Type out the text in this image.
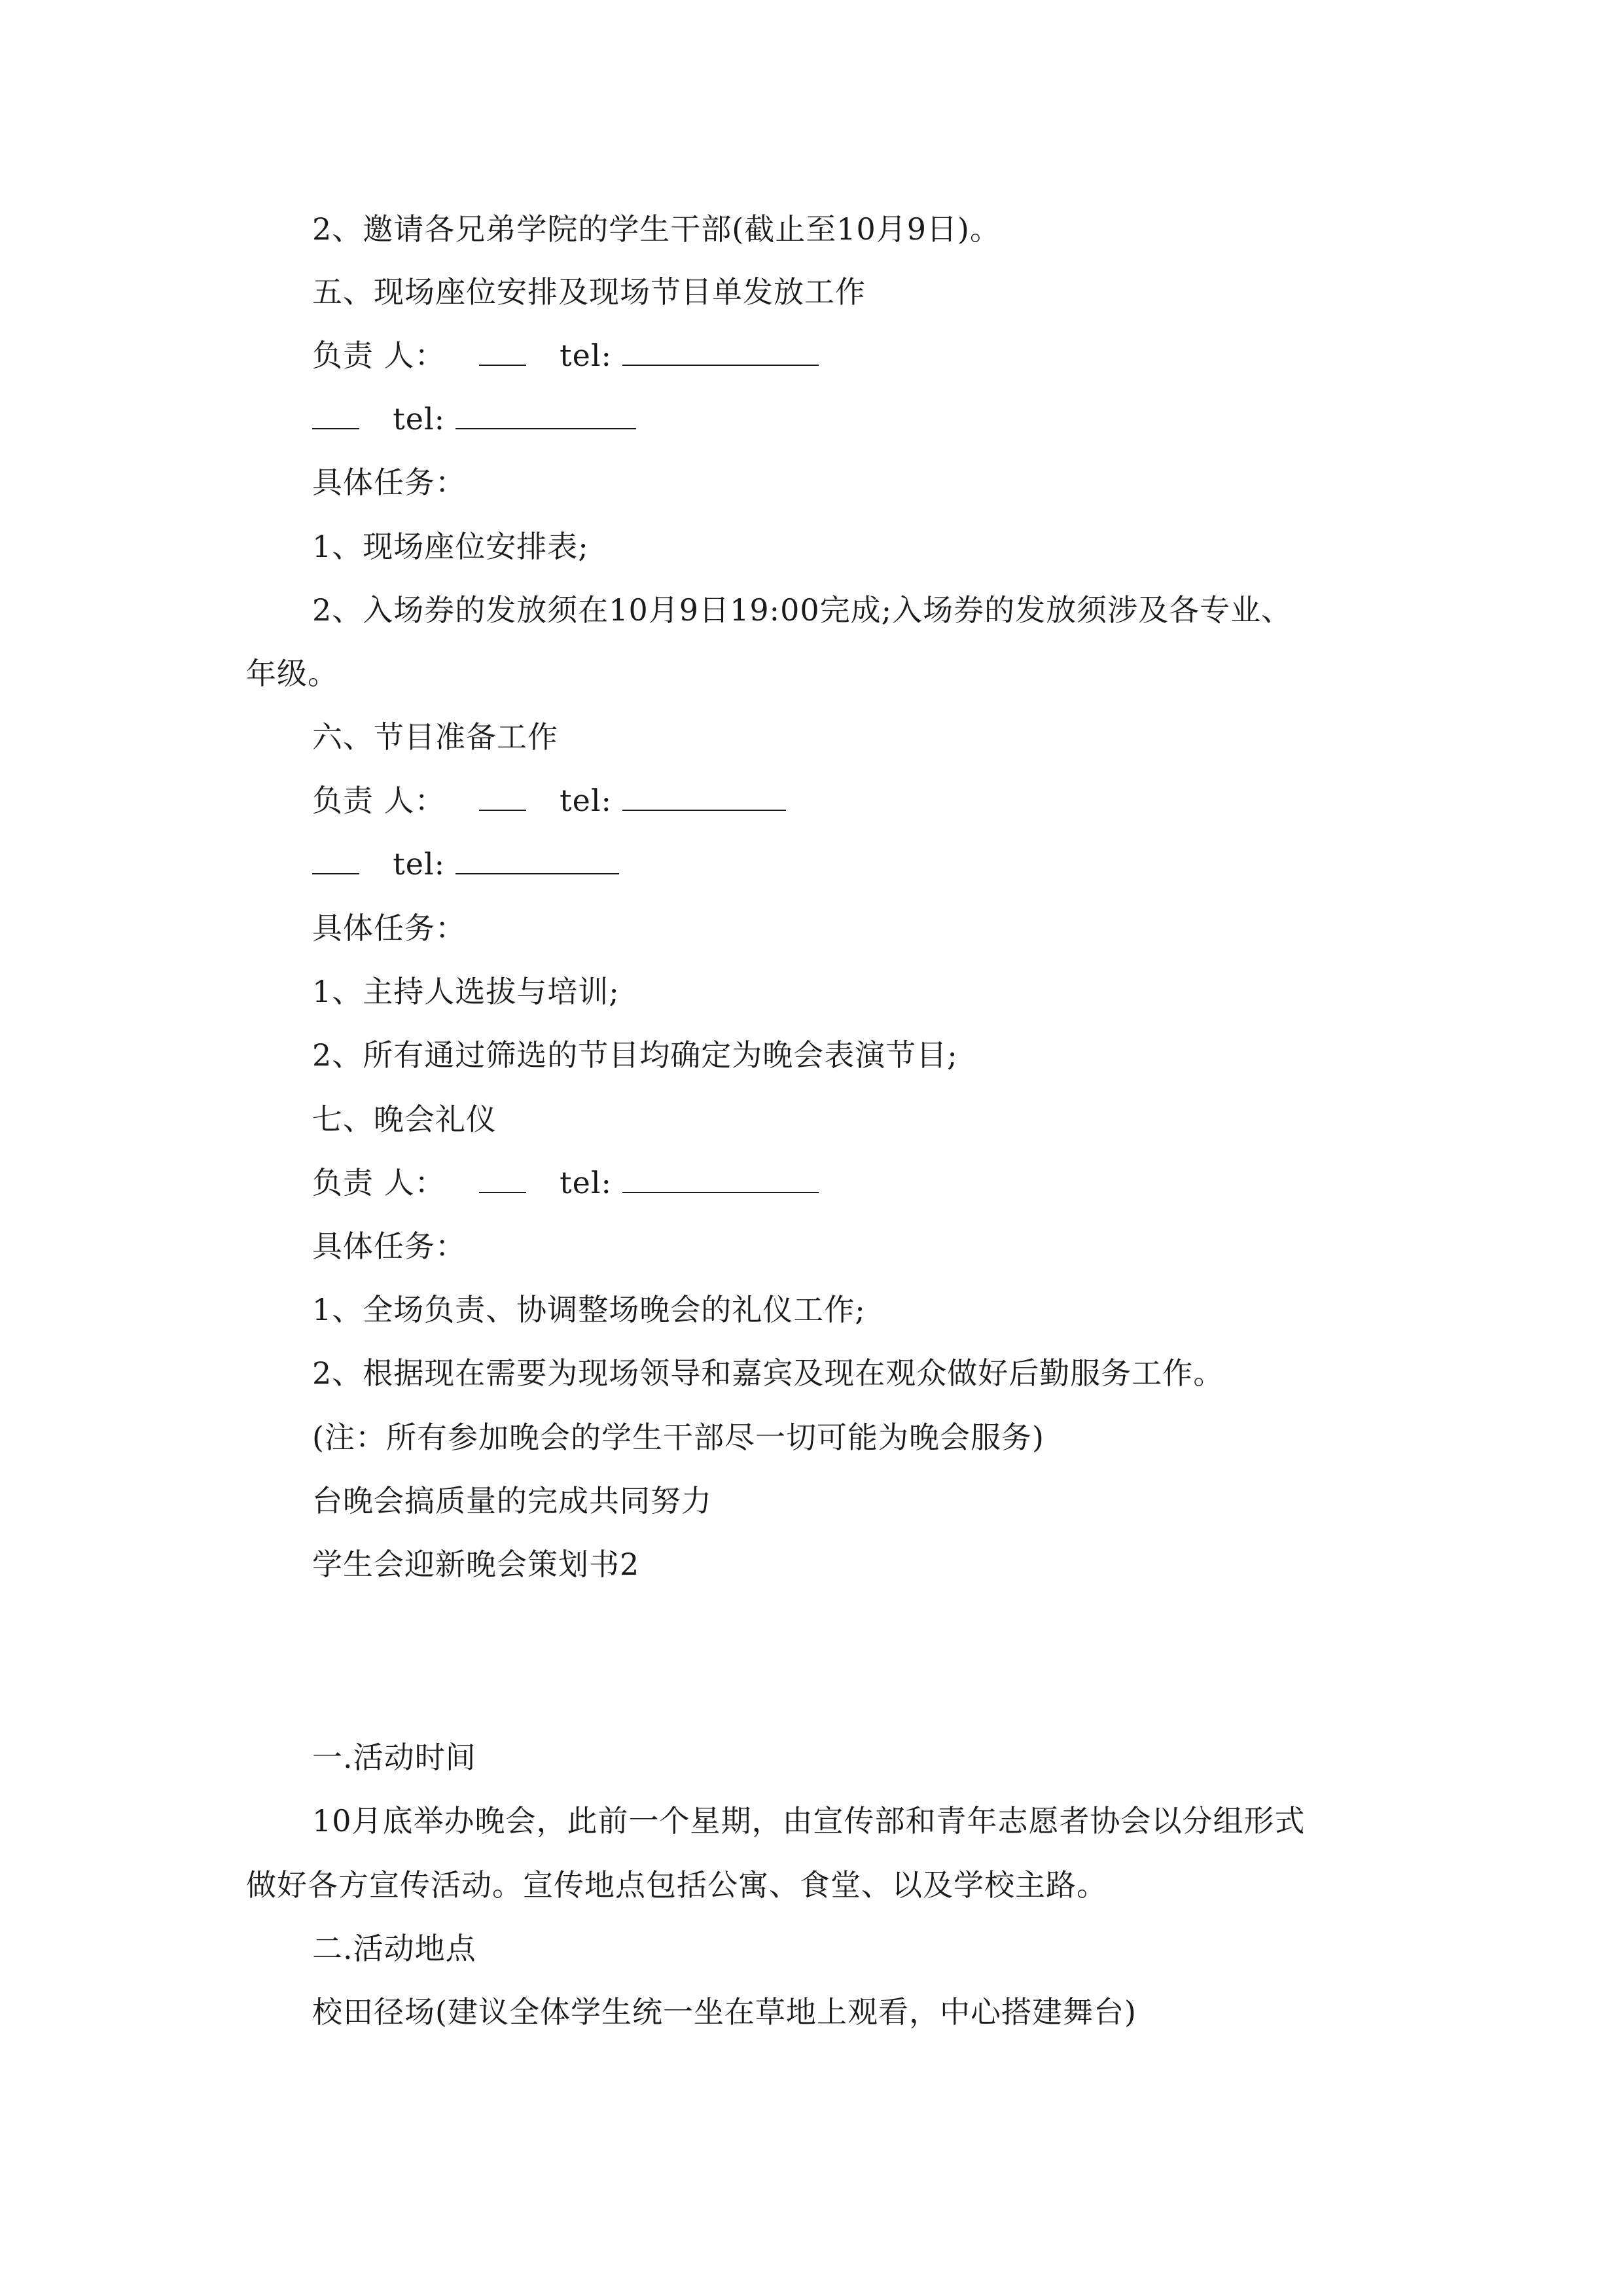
2、邀请各兄弟学院的学生干部(截止至10月9日)。
五、现场座位安排及现场节目单发放工作
负责 人：	tel:
tel:
具体任务：
1、现场座位安排表;
2、入场券的发放须在10月9日19:00完成;入场券的发放须涉及各专业、
年级。
六、节目准备工作
负责 人：	tel:
tel:
具体任务：
1、主持人选拔与培训;
2、所有通过筛选的节目均确定为晚会表演节目;
七、晚会礼仪
负责 人：	tel:
具体任务：
1、全场负责、协调整场晚会的礼仪工作;
2、根据现在需要为现场领导和嘉宾及现在观众做好后勤服务工作。
(注：所有参加晚会的学生干部尽一切可能为晚会服务)
台晚会搞质量的完成共同努力
学生会迎新晚会策划书2
一.活动时间
10月底举办晚会，此前一个星期，由宣传部和青年志愿者协会以分组形式
做好各方宣传活动。宣传地点包括公寓、食堂、以及学校主路。
二.活动地点
校田径场(建议全体学生统一坐在草地上观看，中心搭建舞台)
